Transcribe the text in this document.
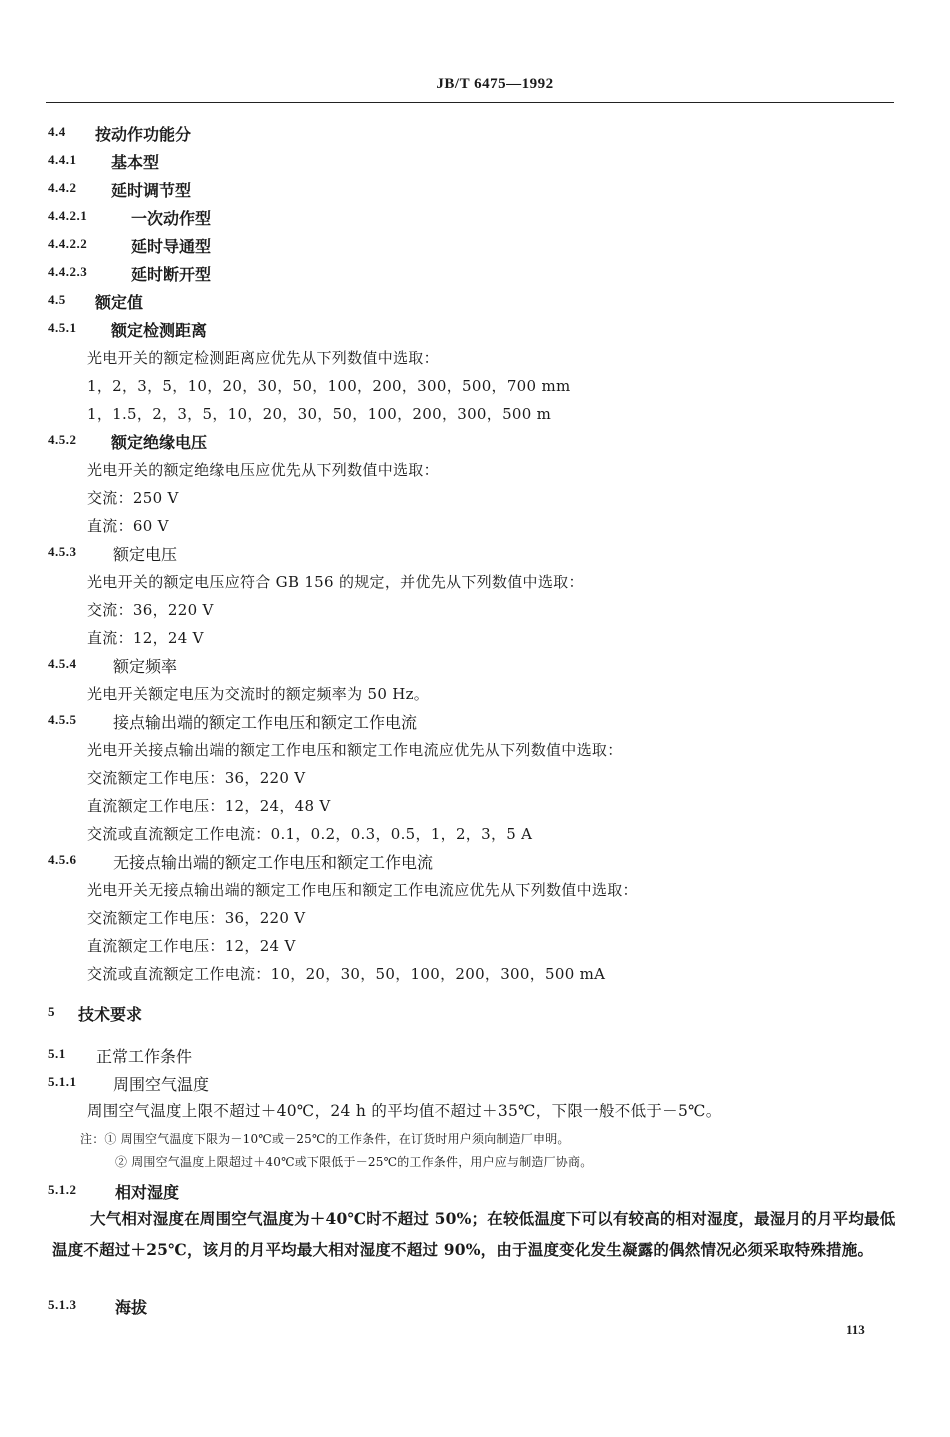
JB/T 6475—1992
4.4 按动作功能分
4.4.1 基本型
4.4.2 延时调节型
4.4.2.1	一次动作型
4.4.2.2	延时导通型
4.4.2.3	延时断开型
4.5 额定值
4.5.1 额定检测距离
光电开关的额定检测距离应优先从下列数值中选取：
1，2，3，5，10，20，30，50，100，200，300，500，700 mm
1，1.5，2，3，5，10，20，30，50，100，200，300，500 m
4.5.2 额定绝缘电压
光电开关的额定绝缘电压应优先从下列数值中选取：
交流：250 V
直流：60 V
4.5.3 额定电压
光电开关的额定电压应符合 GB 156 的规定，并优先从下列数值中选取：
交流：36，220 V
直流：12，24 V
4.5.4 额定频率
光电开关额定电压为交流时的额定频率为 50 Hz。
4.5.5 接点输出端的额定工作电压和额定工作电流
光电开关接点输出端的额定工作电压和额定工作电流应优先从下列数值中选取：
交流额定工作电压：36，220 V
直流额定工作电压：12，24，48 V
交流或直流额定工作电流：0.1，0.2，0.3，0.5，1，2，3，5 A
4.5.6 无接点输出端的额定工作电压和额定工作电流
光电开关无接点输出端的额定工作电压和额定工作电流应优先从下列数值中选取：
交流额定工作电压：36，220 V
直流额定工作电压：12，24 V
交流或直流额定工作电流：10，20，30，50，100，200，300，500 mA
5 技术要求
5.1 正常工作条件
5.1.1 周围空气温度
周围空气温度上限不超过＋40℃，24 h 的平均值不超过＋35℃，下限一般不低于－5℃。
注：① 周围空气温度下限为－10℃或－25℃的工作条件，在订货时用户须向制造厂申明。
② 周围空气温度上限超过＋40℃或下限低于－25℃的工作条件，用户应与制造厂协商。
5.1.2 相对湿度
大气相对湿度在周围空气温度为＋40℃时不超过 50%；在较低温度下可以有较高的相对湿度，最湿月的月平均最低温度不超过＋25℃，该月的月平均最大相对湿度不超过 90%，由于温度变化发生凝露的偶然情况必须采取特殊措施。
5.1.3 海拔
113
